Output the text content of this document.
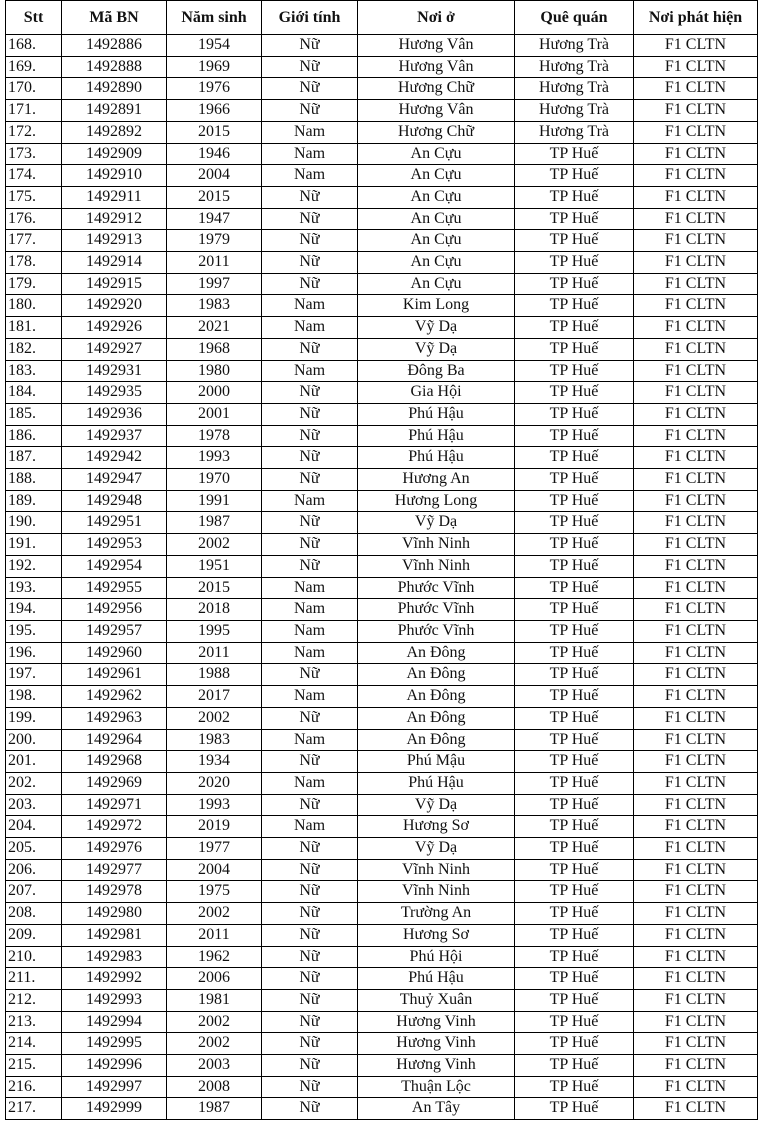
Stt	Mã BN	Năm sinh	Giới tính	Nơi ở	Quê quán	Nơi phát hiện

168.	1492886	1954	Nữ	Hương Vân	Hương Trà	F1 CLTN
169.	1492888	1969	Nữ	Hương Vân	Hương Trà	F1 CLTN
170.	1492890	1976	Nữ	Hương Chữ	Hương Trà	F1 CLTN
171.	1492891	1966	Nữ	Hương Vân	Hương Trà	F1 CLTN
172.	1492892	2015	Nam	Hương Chữ	Hương Trà	F1 CLTN
173.	1492909	1946	Nam	An Cựu	TP Huế	F1 CLTN
174.	1492910	2004	Nam	An Cựu	TP Huế	F1 CLTN
175.	1492911	2015	Nữ	An Cựu	TP Huế	F1 CLTN
176.	1492912	1947	Nữ	An Cựu	TP Huế	F1 CLTN
177.	1492913	1979	Nữ	An Cựu	TP Huế	F1 CLTN
178.	1492914	2011	Nữ	An Cựu	TP Huế	F1 CLTN
179.	1492915	1997	Nữ	An Cựu	TP Huế	F1 CLTN
180.	1492920	1983	Nam	Kim Long	TP Huế	F1 CLTN
181.	1492926	2021	Nam	Vỹ Dạ	TP Huế	F1 CLTN
182.	1492927	1968	Nữ	Vỹ Dạ	TP Huế	F1 CLTN
183.	1492931	1980	Nam	Đông Ba	TP Huế	F1 CLTN
184.	1492935	2000	Nữ	Gia Hội	TP Huế	F1 CLTN
185.	1492936	2001	Nữ	Phú Hậu	TP Huế	F1 CLTN
186.	1492937	1978	Nữ	Phú Hậu	TP Huế	F1 CLTN
187.	1492942	1993	Nữ	Phú Hậu	TP Huế	F1 CLTN
188.	1492947	1970	Nữ	Hương An	TP Huế	F1 CLTN
189.	1492948	1991	Nam	Hương Long	TP Huế	F1 CLTN
190.	1492951	1987	Nữ	Vỹ Dạ	TP Huế	F1 CLTN
191.	1492953	2002	Nữ	Vĩnh Ninh	TP Huế	F1 CLTN
192.	1492954	1951	Nữ	Vĩnh Ninh	TP Huế	F1 CLTN
193.	1492955	2015	Nam	Phước Vĩnh	TP Huế	F1 CLTN
194.	1492956	2018	Nam	Phước Vĩnh	TP Huế	F1 CLTN
195.	1492957	1995	Nam	Phước Vĩnh	TP Huế	F1 CLTN
196.	1492960	2011	Nam	An Đông	TP Huế	F1 CLTN
197.	1492961	1988	Nữ	An Đông	TP Huế	F1 CLTN
198.	1492962	2017	Nam	An Đông	TP Huế	F1 CLTN
199.	1492963	2002	Nữ	An Đông	TP Huế	F1 CLTN
200.	1492964	1983	Nam	An Đông	TP Huế	F1 CLTN
201.	1492968	1934	Nữ	Phú Mậu	TP Huế	F1 CLTN
202.	1492969	2020	Nam	Phú Hậu	TP Huế	F1 CLTN
203.	1492971	1993	Nữ	Vỹ Dạ	TP Huế	F1 CLTN
204.	1492972	2019	Nam	Hương Sơ	TP Huế	F1 CLTN
205.	1492976	1977	Nữ	Vỹ Dạ	TP Huế	F1 CLTN
206.	1492977	2004	Nữ	Vĩnh Ninh	TP Huế	F1 CLTN
207.	1492978	1975	Nữ	Vĩnh Ninh	TP Huế	F1 CLTN
208.	1492980	2002	Nữ	Trường An	TP Huế	F1 CLTN
209.	1492981	2011	Nữ	Hương Sơ	TP Huế	F1 CLTN
210.	1492983	1962	Nữ	Phú Hội	TP Huế	F1 CLTN
211.	1492992	2006	Nữ	Phú Hậu	TP Huế	F1 CLTN
212.	1492993	1981	Nữ	Thuỷ Xuân	TP Huế	F1 CLTN
213.	1492994	2002	Nữ	Hương Vinh	TP Huế	F1 CLTN
214.	1492995	2002	Nữ	Hương Vinh	TP Huế	F1 CLTN
215.	1492996	2003	Nữ	Hương Vinh	TP Huế	F1 CLTN
216.	1492997	2008	Nữ	Thuận Lộc	TP Huế	F1 CLTN
217.	1492999	1987	Nữ	An Tây	TP Huế	F1 CLTN
